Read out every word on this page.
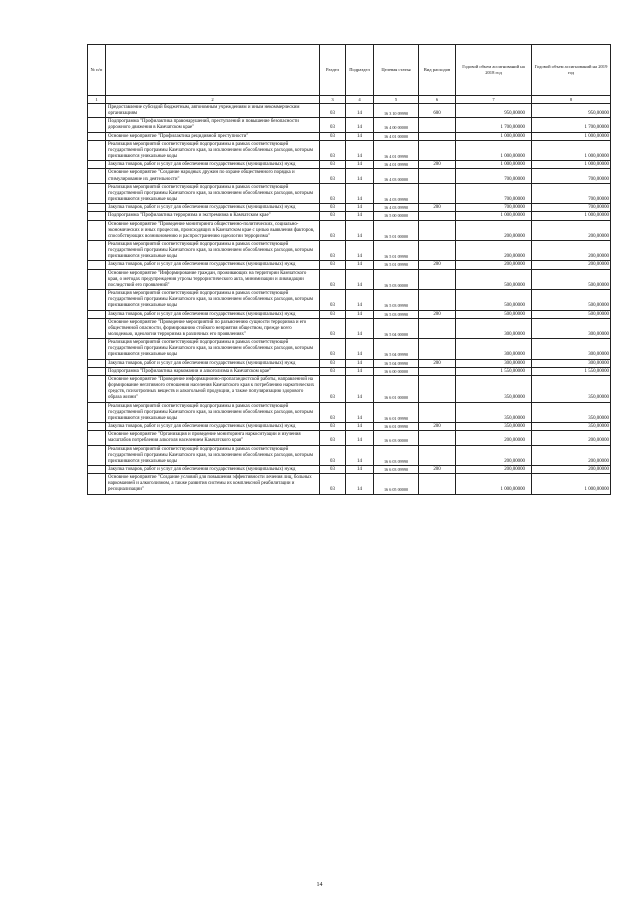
№ п/п		Раздел	Подраздел	Целевая статья	Вид расходов	Годовой объем ассигнований на 2018 год	Годовой объем ассигнований на 2019 год
1	2	3	4	5	6	7	8
	Предоставление субсидий бюджетным, автономным учреждениям и иным некоммерческим организациям	03	14	16 3 10 09990	600	950,00000	950,00000
	Подпрограмма "Профилактика правонарушений, преступлений и повышение безопасности дорожного движения в Камчатском крае"	03	14	16 4 00 00000		1 700,00000	1 700,00000
	Основное мероприятие "Профилактика рецидивной преступности"	03	14	16 4 01 00000		1 000,00000	1 000,00000
	Реализация мероприятий соответствующей подпрограммы в рамках соответствующей государственной программы Камчатского края, за исключением обособленных расходов, которым присваиваются уникальные коды	03	14	16 4 01 09990		1 000,00000	1 000,00000
	Закупка товаров, работ и услуг для обеспечения государственных (муниципальных) нужд	03	14	16 4 01 09990	200	1 000,00000	1 000,00000
	Основное мероприятие "Создание народных дружин по охране общественного порядка и стимулирование их деятельности"	03	14	16 4 03 00000		700,00000	700,00000
	Реализация мероприятий соответствующей подпрограммы в рамках соответствующей государственной программы Камчатского края, за исключением обособленных расходов, которым присваиваются уникальные коды	03	14	16 4 03 09990		700,00000	700,00000
	Закупка товаров, работ и услуг для обеспечения государственных (муниципальных) нужд	03	14	16 4 03 09990	200	700,00000	700,00000
	Подпрограмма "Профилактика терроризма и экстремизма в Камчатском крае"	03	14	16 5 00 00000		1 000,00000	1 000,00000
	Основное мероприятие "Проведение мониторинга общественно-политических, социально-экономических и иных процессов, происходящих в Камчатском крае с целью выявления факторов, способствующих возникновению и распространению идеологии терроризма"	03	14	16 5 01 00000		200,00000	200,00000
	Реализация мероприятий соответствующей подпрограммы в рамках соответствующей государственной программы Камчатского края, за исключением обособленных расходов, которым присваиваются уникальные коды	03	14	16 5 01 09990		200,00000	200,00000
	Закупка товаров, работ и услуг для обеспечения государственных (муниципальных) нужд	03	14	16 5 01 09990	200	200,00000	200,00000
	Основное мероприятие "Информирование граждан, проживающих на территории Камчатского края, о методах предупреждения угрозы террористического акта, минимизации и ликвидации последствий его проявлений"	03	14	16 5 03 00000		500,00000	500,00000
	Реализация мероприятий соответствующей подпрограммы в рамках соответствующей государственной программы Камчатского края, за исключением обособленных расходов, которым присваиваются уникальные коды	03	14	16 5 03 09990		500,00000	500,00000
	Закупка товаров, работ и услуг для обеспечения государственных (муниципальных) нужд	03	14	16 5 03 09990	200	500,00000	500,00000
	Основное мероприятие "Проведение мероприятий по разъяснению сущности терроризма и его общественной опасности, формированию стойкого неприятия обществом, прежде всего молодежью, идеологии терроризма в различных его проявлениях"	03	14	16 5 04 00000		300,00000	300,00000
	Реализация мероприятий соответствующей подпрограммы в рамках соответствующей государственной программы Камчатского края, за исключением обособленных расходов, которым присваиваются уникальные коды	03	14	16 5 04 09990		300,00000	300,00000
	Закупка товаров, работ и услуг для обеспечения государственных (муниципальных) нужд	03	14	16 5 04 09990	200	300,00000	300,00000
	Подпрограмма "Профилактика наркомании и алкоголизма в Камчатском крае"	03	14	16 6 00 00000		1 550,00000	1 550,00000
	Основное мероприятие "Проведение информационно-пропагандистской работы, направленной на формирование негативного отношения населения Камчатского края к потреблению наркотических средств, психотропных веществ и алкогольной продукции, а также популяризацию здорового образа жизни"	03	14	16 6 01 00000		350,00000	350,00000
	Реализация мероприятий соответствующей подпрограммы в рамках соответствующей государственной программы Камчатского края, за исключением обособленных расходов, которым присваиваются уникальные коды	03	14	16 6 01 09990		350,00000	350,00000
	Закупка товаров, работ и услуг для обеспечения государственных (муниципальных) нужд	03	14	16 6 01 09990	200	350,00000	350,00000
	Основное мероприятие "Организация и проведение мониторинга наркоситуации и изучения масштабов потребления алкоголя населением Камчатского края"	03	14	16 6 03 00000		200,00000	200,00000
	Реализация мероприятий соответствующей подпрограммы в рамках соответствующей государственной программы Камчатского края, за исключением обособленных расходов, которым присваиваются уникальные коды	03	14	16 6 03 09990		200,00000	200,00000
	Закупка товаров, работ и услуг для обеспечения государственных (муниципальных) нужд	03	14	16 6 03 09990	200	200,00000	200,00000
	Основное мероприятие "Создание условий для повышения эффективности лечения лиц, больных наркоманией и алкоголизмом, а также развития системы их комплексной реабилитации и ресоциализации"	03	14	16 6 05 00000		1 000,00000	1 000,00000
14
